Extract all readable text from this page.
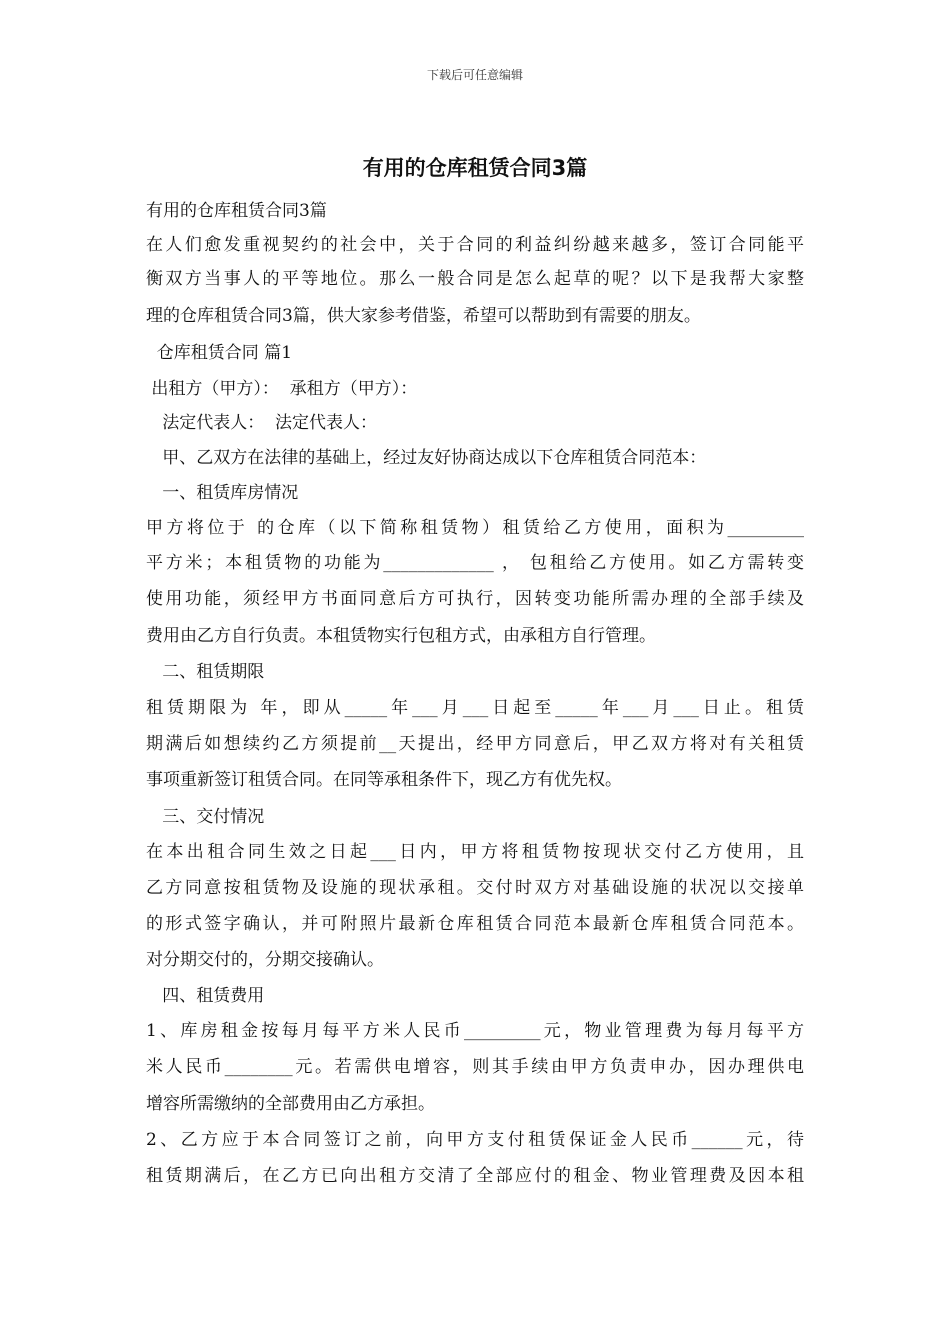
下载后可任意编辑
有用的仓库租赁合同3篇
有用的仓库租赁合同3篇
在人们愈发重视契约的社会中，关于合同的利益纠纷越来越多，签订合同能平
衡双方当事人的平等地位。那么一般合同是怎么起草的呢？以下是我帮大家整
理的仓库租赁合同3篇，供大家参考借鉴，希望可以帮助到有需要的朋友。
仓库租赁合同 篇1
出租方（甲方）：  承租方（甲方）：
法定代表人：  法定代表人：
甲、乙双方在法律的基础上，经过友好协商达成以下仓库租赁合同范本：
一、租赁库房情况
甲方将位于 的仓库（以下简称租赁物）租赁给乙方使用，面积为_________
平方米；本租赁物的功能为_____________ ， 包租给乙方使用。如乙方需转变
使用功能，须经甲方书面同意后方可执行，因转变功能所需办理的全部手续及
费用由乙方自行负责。本租赁物实行包租方式，由承租方自行管理。
二、租赁期限
租赁期限为 年，即从_____年___月___日起至_____年___月___日止。租赁
期满后如想续约乙方须提前__天提出，经甲方同意后，甲乙双方将对有关租赁
事项重新签订租赁合同。在同等承租条件下，现乙方有优先权。
三、交付情况
在本出租合同生效之日起___日内，甲方将租赁物按现状交付乙方使用，且
乙方同意按租赁物及设施的现状承租。交付时双方对基础设施的状况以交接单
的形式签字确认，并可附照片最新仓库租赁合同范本最新仓库租赁合同范本。
对分期交付的，分期交接确认。
四、租赁费用
1、库房租金按每月每平方米人民币_________元，物业管理费为每月每平方
米人民币________元。若需供电增容，则其手续由甲方负责申办，因办理供电
增容所需缴纳的全部费用由乙方承担。
2、乙方应于本合同签订之前，向甲方支付租赁保证金人民币______元，待
租赁期满后，在乙方已向出租方交清了全部应付的租金、物业管理费及因本租
